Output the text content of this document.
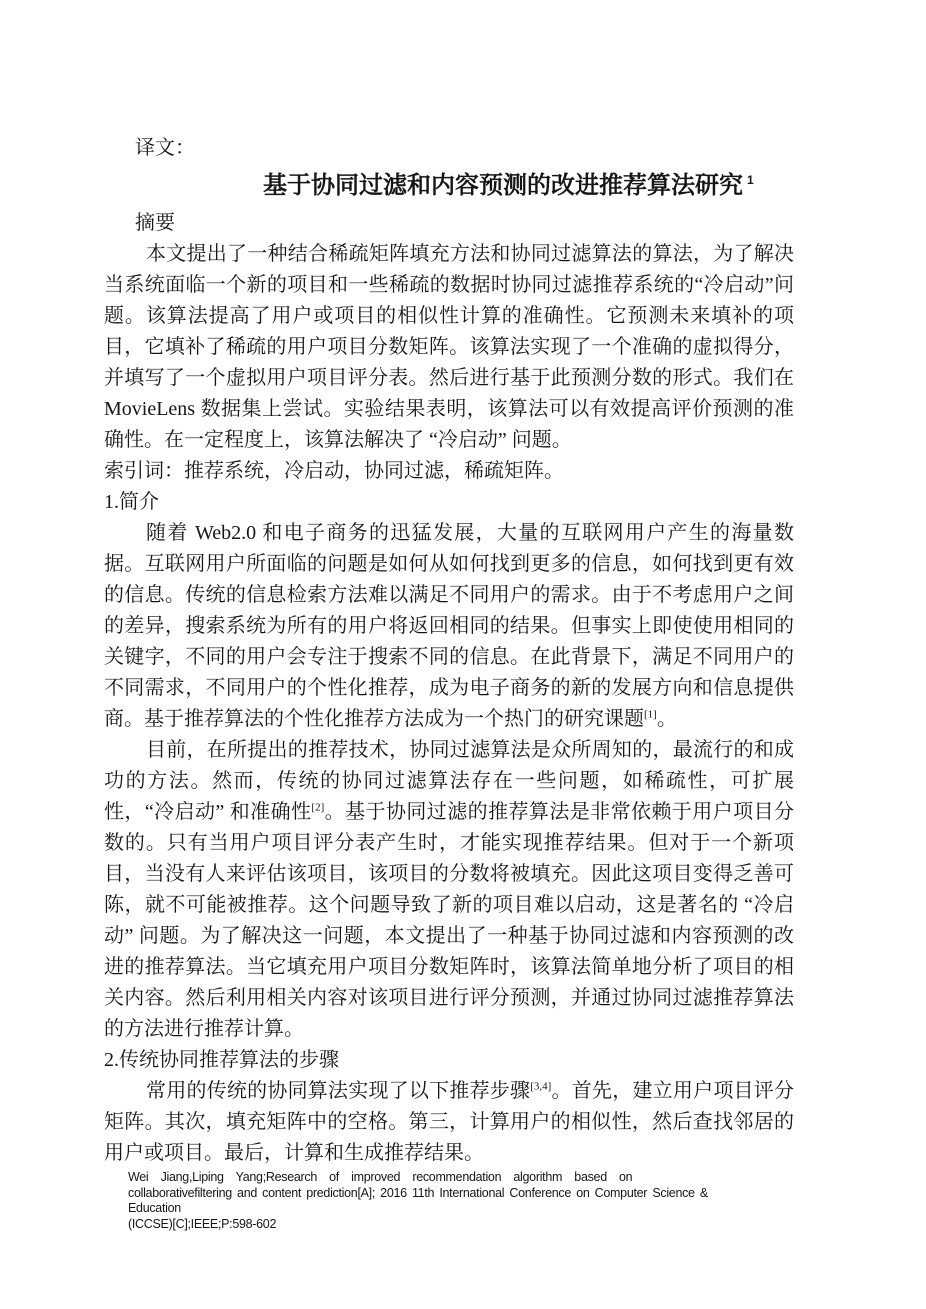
译文：

基于协同过滤和内容预测的改进推荐算法研究 $^1$

摘要

本文提出了一种结合稀疏矩阵填充方法和协同过滤算法的算法，为了解决当系统面临一个新的项目和一些稀疏的数据时协同过滤推荐系统的“冷启动”问题。该算法提高了用户或项目的相似性计算的准确性。它预测未来填补的项目，它填补了稀疏的用户项目分数矩阵。该算法实现了一个准确的虚拟得分，并填写了一个虚拟用户项目评分表。然后进行基于此预测分数的形式。我们在 MovieLens 数据集上尝试。实验结果表明，该算法可以有效提高评价预测的准确性。在一定程度上，该算法解决了 “冷启动” 问题。

索引词：推荐系统，冷启动，协同过滤，稀疏矩阵。

1.简介

随着 Web2.0 和电子商务的迅猛发展，大量的互联网用户产生的海量数据。互联网用户所面临的问题是如何从如何找到更多的信息，如何找到更有效的信息。传统的信息检索方法难以满足不同用户的需求。由于不考虑用户之间的差异，搜索系统为所有的用户将返回相同的结果。但事实上即使使用相同的关键字，不同的用户会专注于搜索不同的信息。在此背景下，满足不同用户的不同需求，不同用户的个性化推荐，成为电子商务的新的发展方向和信息提供商。基于推荐算法的个性化推荐方法成为一个热门的研究课题[1]。

目前，在所提出的推荐技术，协同过滤算法是众所周知的，最流行的和成功的方法。然而，传统的协同过滤算法存在一些问题，如稀疏性，可扩展性，“冷启动” 和准确性[2]。基于协同过滤的推荐算法是非常依赖于用户项目分数的。只有当用户项目评分表产生时，才能实现推荐结果。但对于一个新项目，当没有人来评估该项目，该项目的分数将被填充。因此这项目变得乏善可陈，就不可能被推荐。这个问题导致了新的项目难以启动，这是著名的 “冷启动” 问题。为了解决这一问题，本文提出了一种基于协同过滤和内容预测的改进的推荐算法。当它填充用户项目分数矩阵时，该算法简单地分析了项目的相关内容。然后利用相关内容对该项目进行评分预测，并通过协同过滤推荐算法的方法进行推荐计算。

2.传统协同推荐算法的步骤

常用的传统的协同算法实现了以下推荐步骤[3,4]。首先，建立用户项目评分矩阵。其次，填充矩阵中的空格。第三，计算用户的相似性，然后查找邻居的用户或项目。最后，计算和生成推荐结果。

Wei Jiang,Liping Yang;Research of improved recommendation algorithm based on
collaborativefiltering and content prediction[A]; 2016 11th International Conference on Computer Science &
Education
(ICCSE)[C];IEEE;P:598-602
